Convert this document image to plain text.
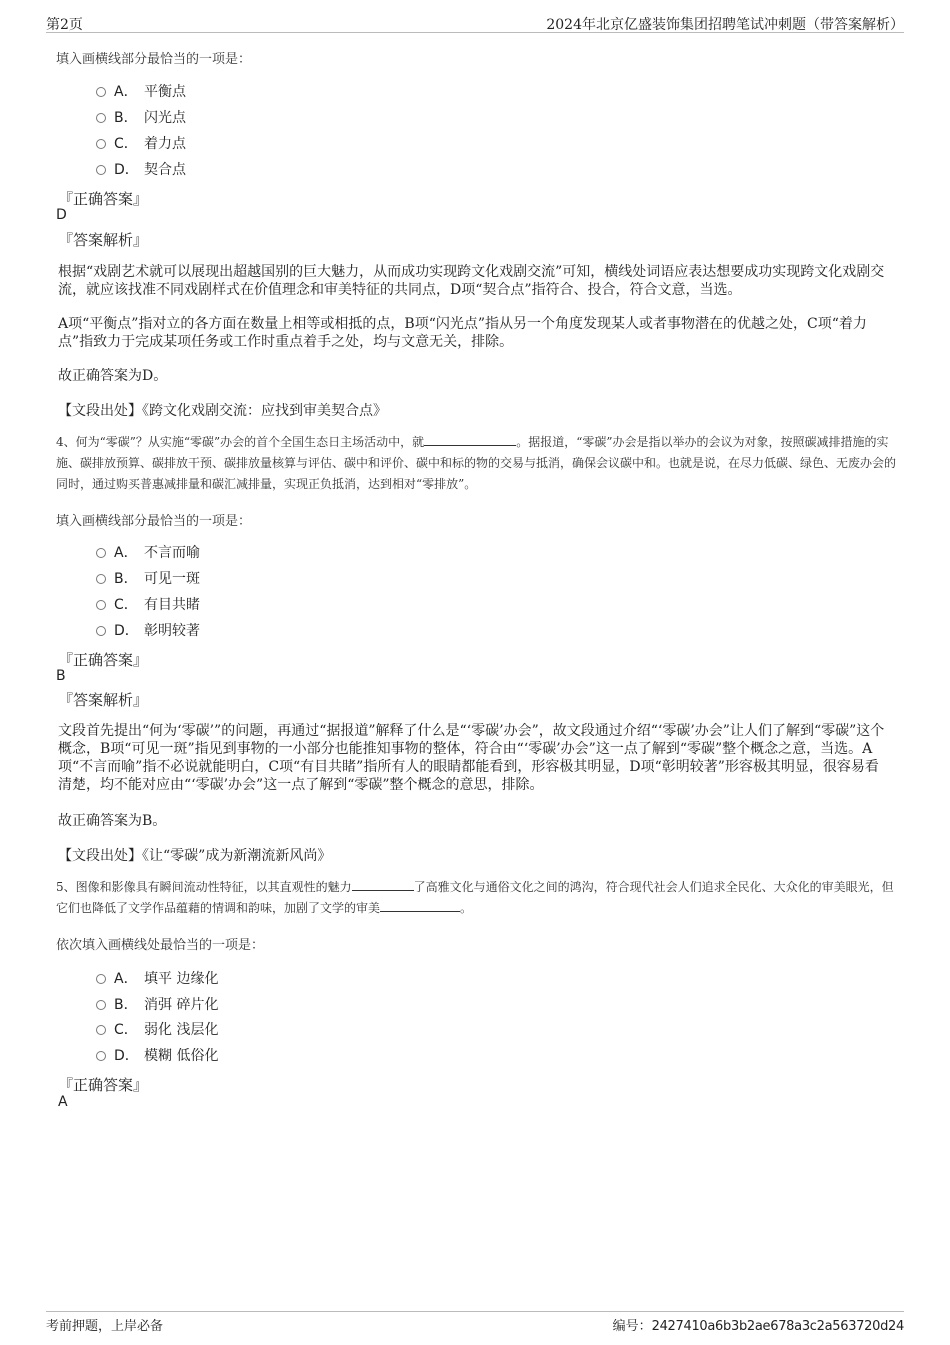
第2页	2024年北京亿盛装饰集团招聘笔试冲刺题（带答案解析）
填入画横线部分最恰当的一项是：
A． 平衡点
B． 闪光点
C． 着力点
D． 契合点
『正确答案』
D
『答案解析』
根据“戏剧艺术就可以展现出超越国别的巨大魅力，从而成功实现跨文化戏剧交流”可知，横线处词语应表达想要成功实现跨文化戏剧交流，就应该找准不同戏剧样式在价值理念和审美特征的共同点，D项“契合点”指符合、投合，符合文意，当选。
A项“平衡点”指对立的各方面在数量上相等或相抵的点，B项“闪光点”指从另一个角度发现某人或者事物潜在的优越之处，C项“着力点”指致力于完成某项任务或工作时重点着手之处，均与文意无关，排除。
故正确答案为D。
【文段出处】《跨文化戏剧交流：应找到审美契合点》
4、何为“零碳”？从实施“零碳”办会的首个全国生态日主场活动中，就	。据报道，“零碳”办会是指以举办的会议为对象，按照碳减排措施的实施、碳排放预算、碳排放干预、碳排放量核算与评估、碳中和评价、碳中和标的物的交易与抵消，确保会议碳中和。也就是说，在尽力低碳、绿色、无废办会的同时，通过购买普惠减排量和碳汇减排量，实现正负抵消，达到相对“零排放”。
填入画横线部分最恰当的一项是：
A． 不言而喻
B． 可见一斑
C． 有目共睹
D． 彰明较著
『正确答案』
B
『答案解析』
文段首先提出“何为‘零碳’”的问题，再通过“据报道”解释了什么是“‘零碳’办会”，故文段通过介绍“‘零碳’办会”让人们了解到“零碳”这个概念，B项“可见一斑”指见到事物的一小部分也能推知事物的整体，符合由“‘零碳’办会”这一点了解到“零碳”整个概念之意，当选。A项“不言而喻”指不必说就能明白，C项“有目共睹”指所有人的眼睛都能看到，形容极其明显，D项“彰明较著”形容极其明显，很容易看清楚，均不能对应由“‘零碳’办会”这一点了解到“零碳”整个概念的意思，排除。
故正确答案为B。
【文段出处】《让“零碳”成为新潮流新风尚》
5、图像和影像具有瞬间流动性特征，以其直观性的魅力	了高雅文化与通俗文化之间的鸿沟，符合现代社会人们追求全民化、大众化的审美眼光，但它们也降低了文学作品蕴藉的情调和韵味，加剧了文学的审美	。
依次填入画横线处最恰当的一项是：
A． 填平 边缘化
B． 消弭 碎片化
C． 弱化 浅层化
D． 模糊 低俗化
『正确答案』
A
考前押题，上岸必备	编号：2427410a6b3b2ae678a3c2a563720d24
